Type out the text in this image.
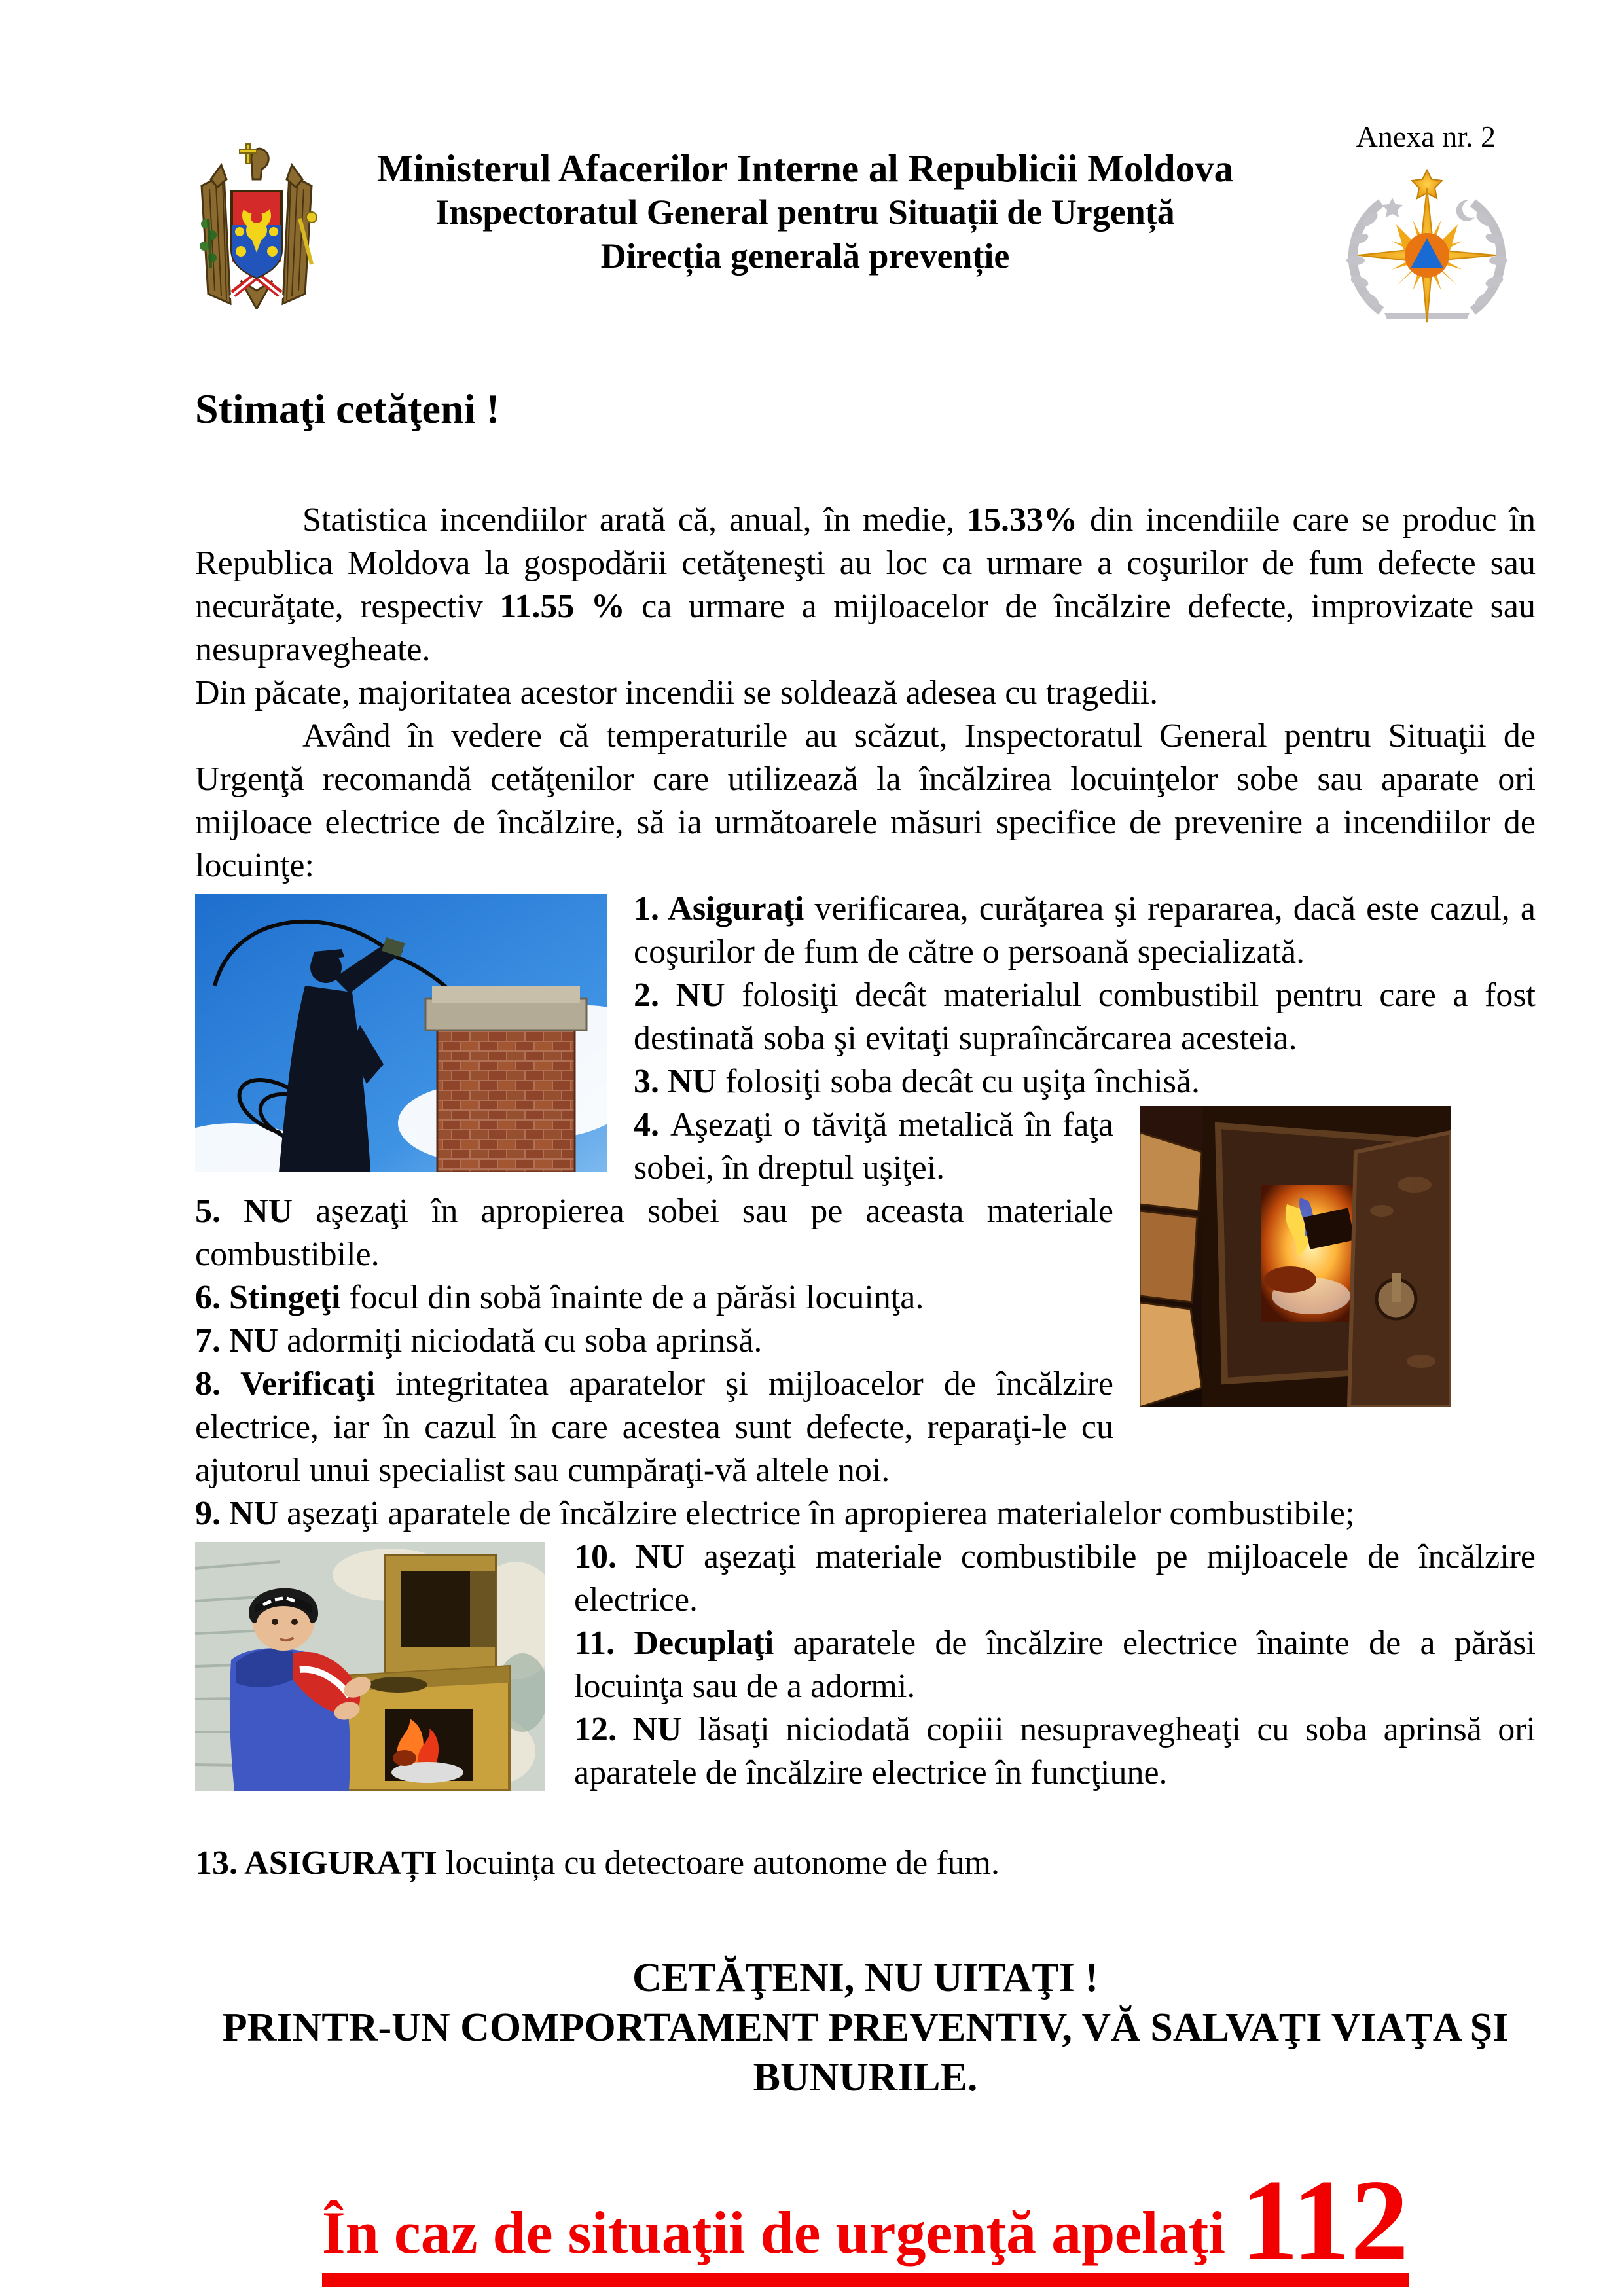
Anexa nr. 2
Ministerul Afacerilor Interne al Republicii Moldova
Inspectoratul General pentru Situații de Urgență
Direcția generală prevenție

Stimaţi cetăţeni !

Statistica incendiilor arată că, anual, în medie, 15.33% din incendiile care se produc în Republica Moldova la gospodării cetăţeneşti au loc ca urmare a coşurilor de fum defecte sau necurăţate, respectiv 11.55 % ca urmare a mijloacelor de încălzire defecte, improvizate sau nesupravegheate.

Din păcate, majoritatea acestor incendii se soldează adesea cu tragedii.

Având în vedere că temperaturile au scăzut, Inspectoratul General pentru Situaţii de Urgenţă recomandă cetăţenilor care utilizează la încălzirea locuinţelor sobe sau aparate ori mijloace electrice de încălzire, să ia următoarele măsuri specifice de prevenire a incendiilor de locuinţe:

1. Asiguraţi verificarea, curăţarea şi repararea, dacă este cazul, a coşurilor de fum de către o persoană specializată.

2. NU folosiţi decât materialul combustibil pentru care a fost destinată soba şi evitaţi supraîncărcarea acesteia.

3. NU folosiţi soba decât cu uşiţa închisă.

4. Aşezaţi o tăviţă metalică în faţa sobei, în dreptul uşiţei.

5. NU aşezaţi în apropierea sobei sau pe aceasta materiale combustibile.

6. Stingeţi focul din sobă înainte de a părăsi locuinţa.

7. NU adormiţi niciodată cu soba aprinsă.

8. Verificaţi integritatea aparatelor şi mijloacelor de încălzire electrice, iar în cazul în care acestea sunt defecte, reparaţi-le cu ajutorul unui specialist sau cumpăraţi-vă altele noi.

9. NU aşezaţi aparatele de încălzire electrice în apropierea materialelor combustibile;

10. NU aşezaţi materiale combustibile pe mijloacele de încălzire electrice.

11. Decuplaţi aparatele de încălzire electrice înainte de a părăsi locuinţa sau de a adormi.

12. NU lăsaţi niciodată copiii nesupravegheaţi cu soba aprinsă ori aparatele de încălzire electrice în funcţiune.

13. ASIGURAȚI locuința cu detectoare autonome de fum.

CETĂŢENI, NU UITAŢI !
PRINTR-UN COMPORTAMENT PREVENTIV, VĂ SALVAŢI VIAŢA ŞI BUNURILE.
În caz de situaţii de urgenţă apelaţi 112
